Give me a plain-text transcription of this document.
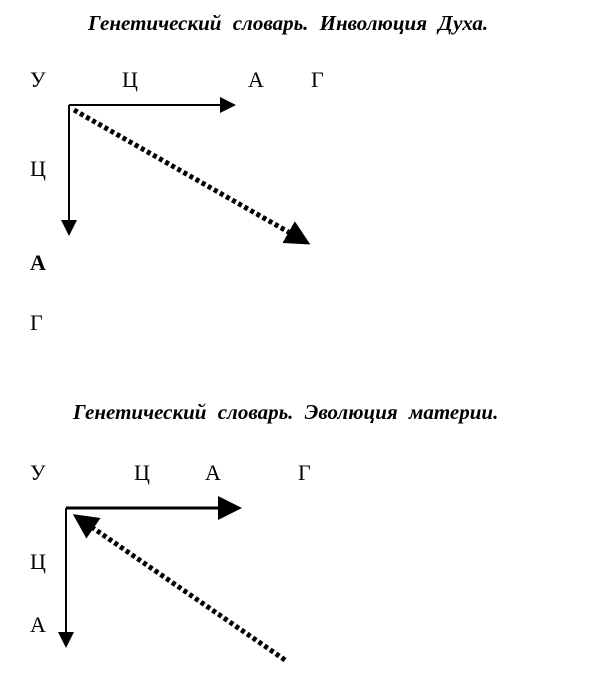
Генетический словарь. Инволюция Духа.
У	Ц	А Г
Ц
А
Г
Генетический словарь. Эволюция материи.
У	Ц	А	Г
Ц
А
